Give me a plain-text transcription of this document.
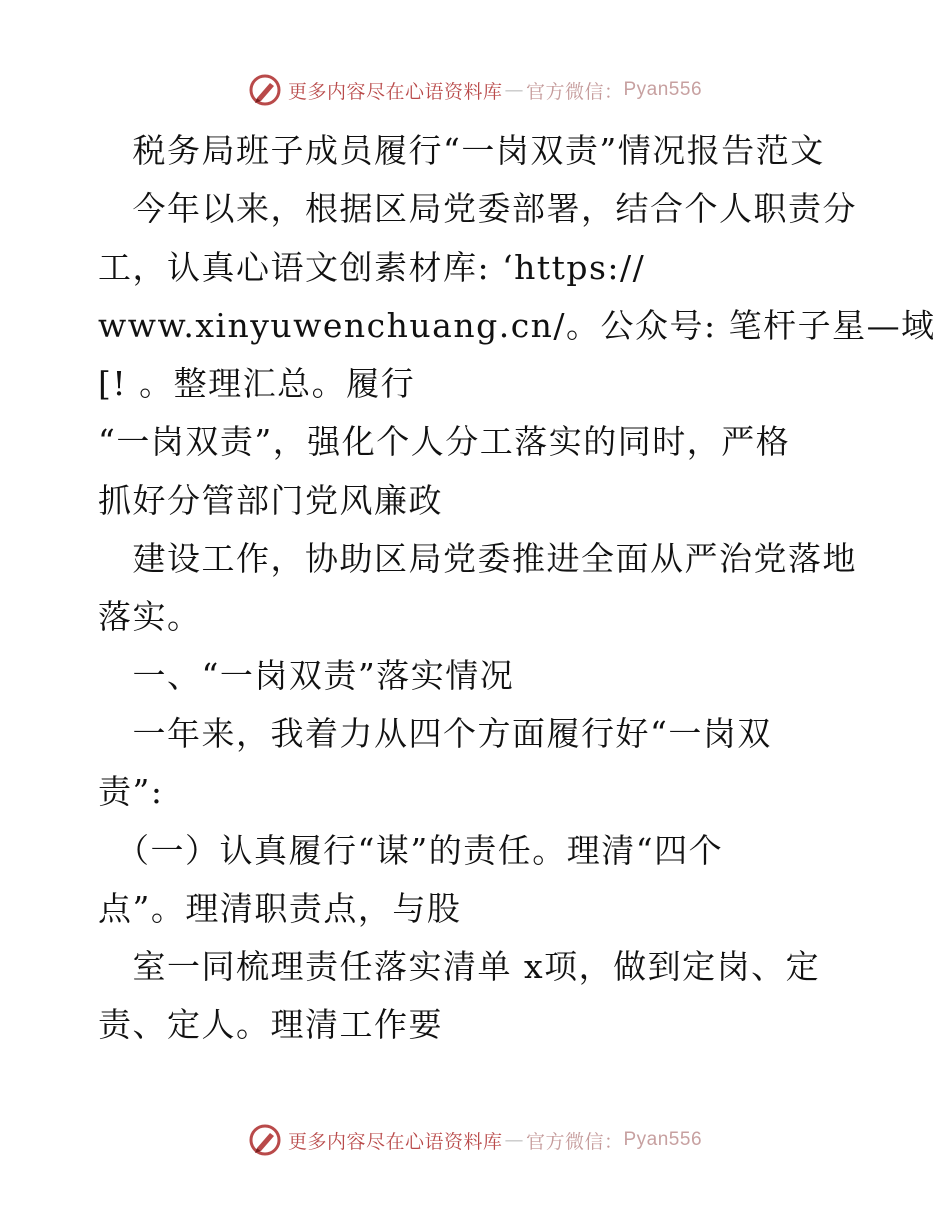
更多内容尽在心语资料库 — 官方微信： Pyan556
　税务局班子成员履行“一岗双责”情况报告范文
　今年以来，根据区局党委部署，结合个人职责分
工，认真心语文创素材库: ‘https://
www.xinyuwenchuang.cn/。公众号: 笔杆子星—域
[! 。整理汇总。履行
“一岗双责”，强化个人分工落实的同时，严格
抓好分管部门党风廉政
　建设工作，协助区局党委推进全面从严治党落地
落实。
　一、“一岗双责”落实情况
　一年来，我着力从四个方面履行好“一岗双
责”:
　（一）认真履行“谋”的责任。理清“四个
点”。理清职责点，与股
　室一同梳理责任落实清单 x项，做到定岗、定
责、定人。理清工作要
更多内容尽在心语资料库 — 官方微信： Pyan556
